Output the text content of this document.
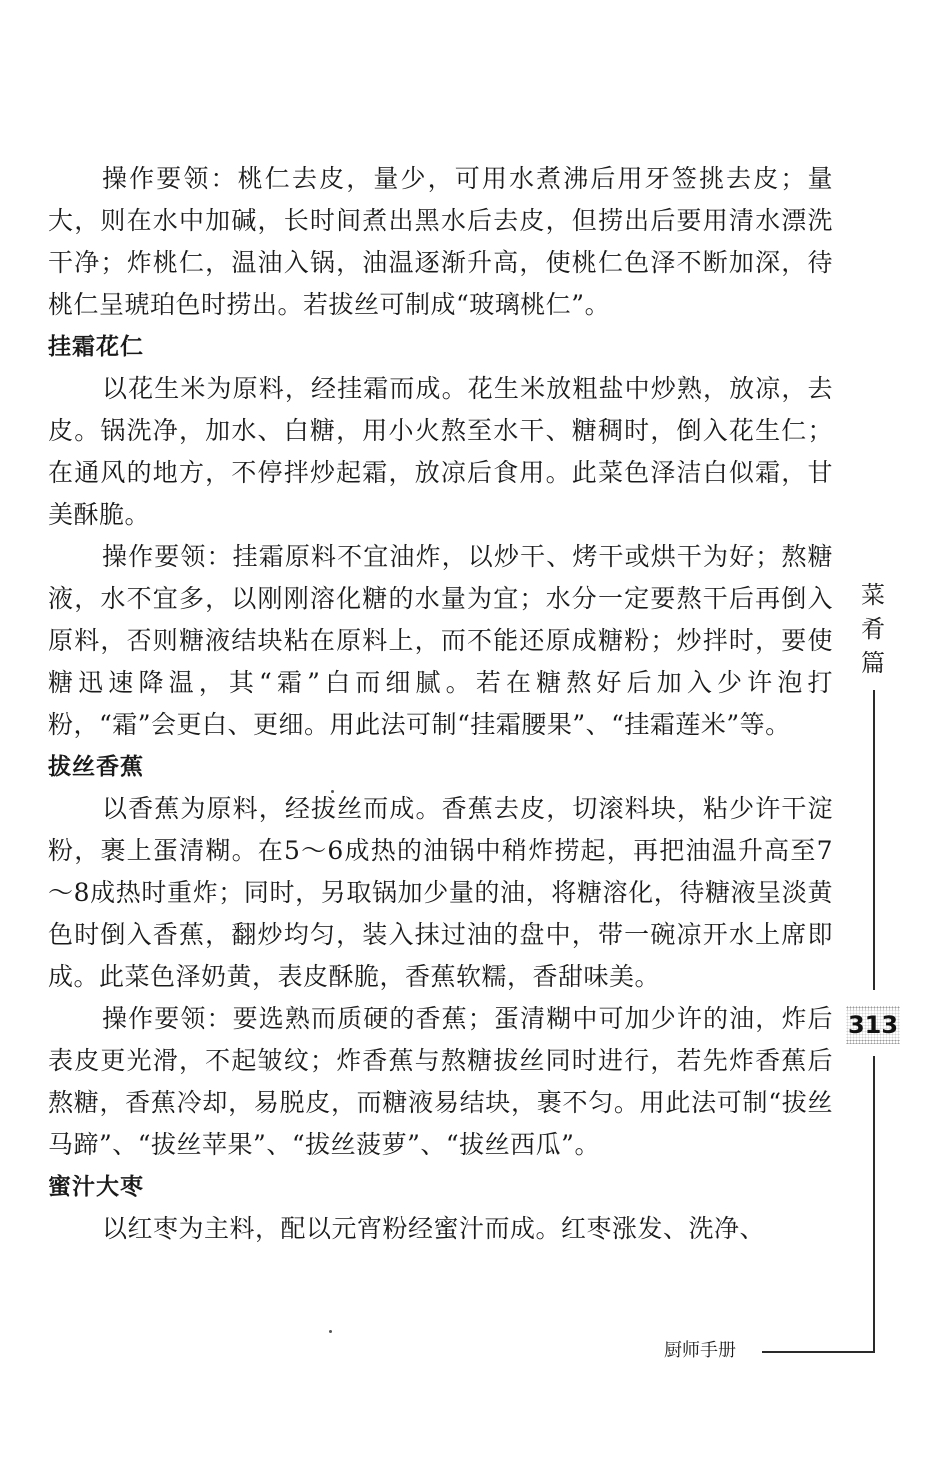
操作要领：桃仁去皮，量少，可用水煮沸后用牙签挑去皮；量大，则在水中加碱，长时间煮出黑水后去皮，但捞出后要用清水漂洗干净；炸桃仁，温油入锅，油温逐渐升高，使桃仁色泽不断加深，待桃仁呈琥珀色时捞出。若拔丝可制成“玻璃桃仁”。

挂霜花仁

以花生米为原料，经挂霜而成。花生米放粗盐中炒熟，放凉，去皮。锅洗净，加水、白糖，用小火熬至水干、糖稠时，倒入花生仁；在通风的地方，不停拌炒起霜，放凉后食用。此菜色泽洁白似霜，甘美酥脆。

操作要领：挂霜原料不宜油炸，以炒干、烤干或烘干为好；熬糖液，水不宜多，以刚刚溶化糖的水量为宜；水分一定要熬干后再倒入原料，否则糖液结块粘在原料上，而不能还原成糖粉；炒拌时，要使糖迅速降温，其“霜”白而细腻。若在糖熬好后加入少许泡打粉，“霜”会更白、更细。用此法可制“挂霜腰果”、“挂霜莲米”等。

拔丝香蕉

以香蕉为原料，经拔丝而成。香蕉去皮，切滚料块，粘少许干淀粉，裹上蛋清糊。在5～6成热的油锅中稍炸捞起，再把油温升高至7～8成热时重炸；同时，另取锅加少量的油，将糖溶化，待糖液呈淡黄色时倒入香蕉，翻炒均匀，装入抹过油的盘中，带一碗凉开水上席即成。此菜色泽奶黄，表皮酥脆，香蕉软糯，香甜味美。

操作要领：要选熟而质硬的香蕉；蛋清糊中可加少许的油，炸后表皮更光滑，不起皱纹；炸香蕉与熬糖拔丝同时进行，若先炸香蕉后熬糖，香蕉冷却，易脱皮，而糖液易结块，裹不匀。用此法可制“拔丝马蹄”、“拔丝苹果”、“拔丝菠萝”、“拔丝西瓜”。

蜜汁大枣

以红枣为主料，配以元宵粉经蜜汁而成。红枣涨发、洗净、

菜
肴
篇
313
厨师手册
